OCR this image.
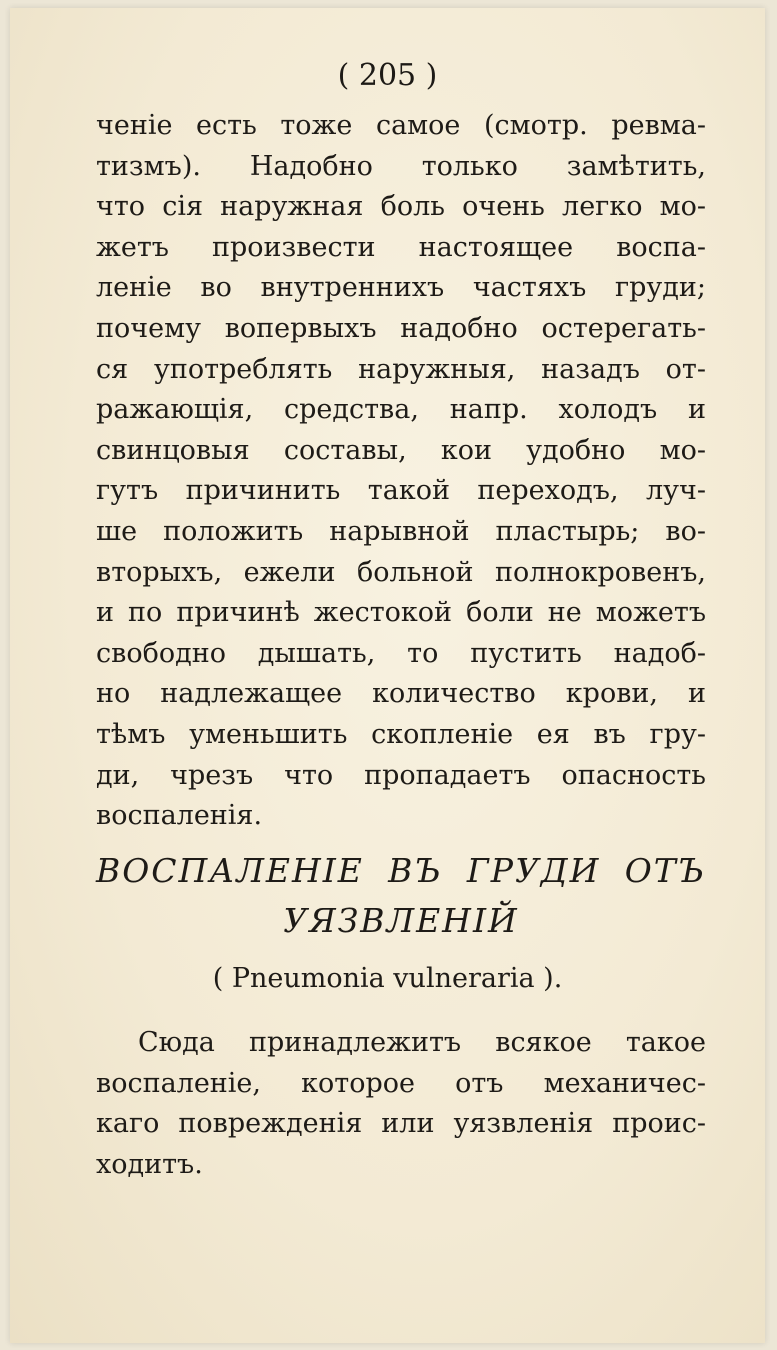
( 205 )
ченіе есть тоже самое (смотр. ревма-
тизмъ). Надобно только замѣтить,
что сія наружная боль очень легко мо-
жетъ произвести настоящее воспа-
леніе во внутреннихъ частяхъ груди;
почему вопервыхъ надобно остерегать-
ся употреблять наружныя, назадъ от-
ражающія, средства, напр. холодъ и
свинцовыя составы, кои удобно мо-
гутъ причинить такой переходъ, луч-
ше положить нарывной пластырь; во-
вторыхъ, ежели больной полнокровенъ,
и по причинѣ жестокой боли не можетъ
свободно дышать, то пустить надоб-
но надлежащее количество крови, и
тѣмъ уменьшить скопленіе ея въ гру-
ди, чрезъ что пропадаетъ опасность
воспаленія.
ВОСПАЛЕНІЕ ВЪ ГРУДИ ОТЪ
УЯЗВЛЕНІЙ
( Pneumonia vulneraria ).
Сюда принадлежитъ всякое такое
воспаленіе, которое отъ механичес-
каго поврежденія или уязвленія проис-
ходитъ.
